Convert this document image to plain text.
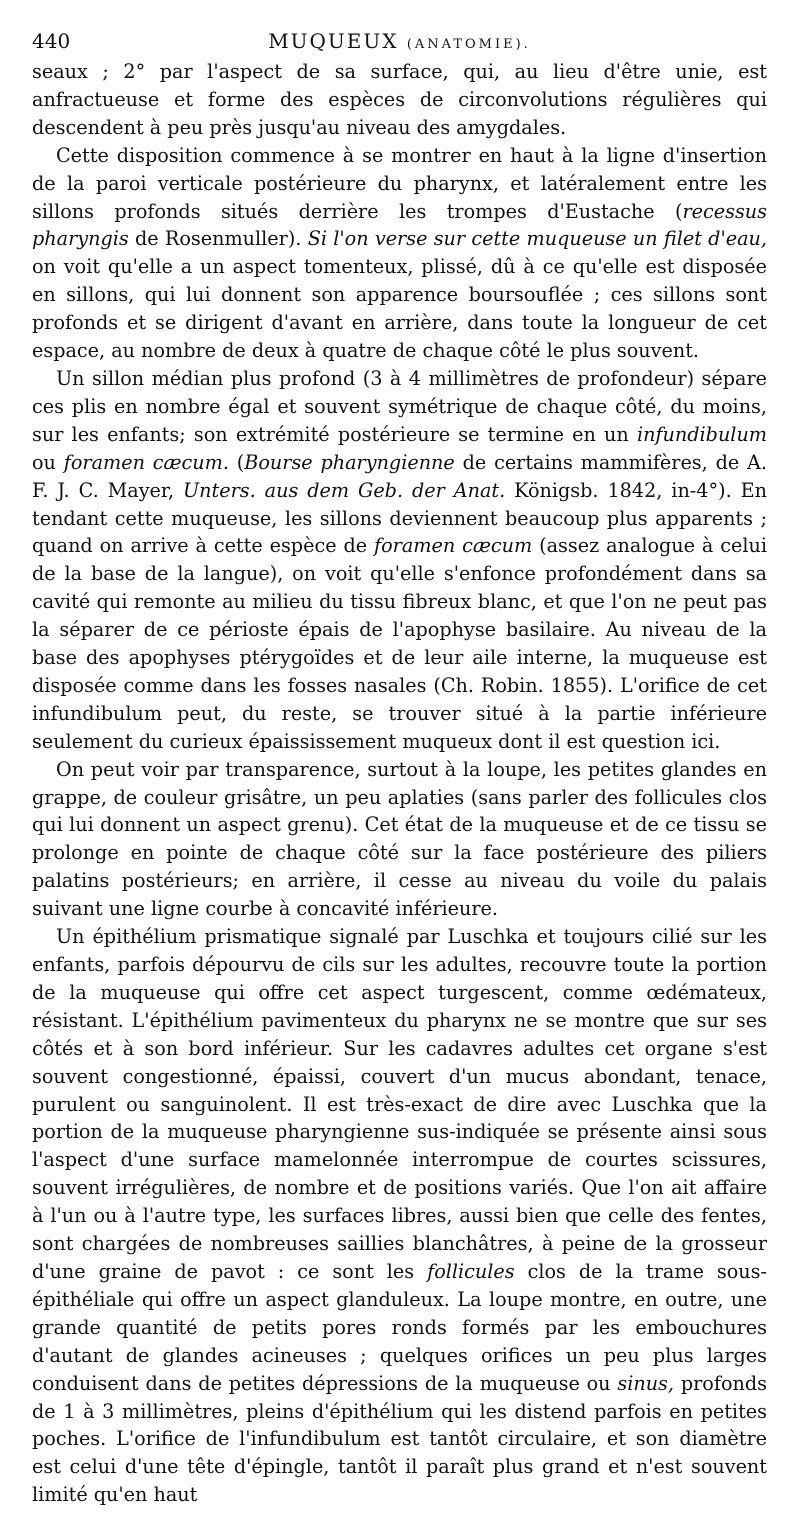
440	MUQUEUX (ANATOMIE).

seaux ; 2° par l'aspect de sa surface, qui, au lieu d'être unie, est anfractueuse et forme des espèces de circonvolutions régulières qui descendent à peu près jusqu'au niveau des amygdales.

Cette disposition commence à se montrer en haut à la ligne d'insertion de la paroi verticale postérieure du pharynx, et latéralement entre les sillons profonds situés derrière les trompes d'Eustache (recessus pharyngis de Rosenmuller). Si l'on verse sur cette muqueuse un filet d'eau, on voit qu'elle a un aspect tomenteux, plissé, dû à ce qu'elle est disposée en sillons, qui lui donnent son apparence boursouflée ; ces sillons sont profonds et se dirigent d'avant en arrière, dans toute la longueur de cet espace, au nombre de deux à quatre de chaque côté le plus souvent.

Un sillon médian plus profond (3 à 4 millimètres de profondeur) sépare ces plis en nombre égal et souvent symétrique de chaque côté, du moins, sur les enfants; son extrémité postérieure se termine en un infundibulum ou foramen cæcum. (Bourse pharyngienne de certains mammifères, de A. F. J. C. Mayer, Unters. aus dem Geb. der Anat. Königsb. 1842, in-4°). En tendant cette muqueuse, les sillons deviennent beaucoup plus apparents ; quand on arrive à cette espèce de foramen cæcum (assez analogue à celui de la base de la langue), on voit qu'elle s'enfonce profondément dans sa cavité qui remonte au milieu du tissu fibreux blanc, et que l'on ne peut pas la séparer de ce périoste épais de l'apophyse basilaire. Au niveau de la base des apophyses ptérygoïdes et de leur aile interne, la muqueuse est disposée comme dans les fosses nasales (Ch. Robin. 1855). L'orifice de cet infundibulum peut, du reste, se trouver situé à la partie inférieure seulement du curieux épaississement muqueux dont il est question ici.

On peut voir par transparence, surtout à la loupe, les petites glandes en grappe, de couleur grisâtre, un peu aplaties (sans parler des follicules clos qui lui donnent un aspect grenu). Cet état de la muqueuse et de ce tissu se prolonge en pointe de chaque côté sur la face postérieure des piliers palatins postérieurs; en arrière, il cesse au niveau du voile du palais suivant une ligne courbe à concavité inférieure.

Un épithélium prismatique signalé par Luschka et toujours cilié sur les enfants, parfois dépourvu de cils sur les adultes, recouvre toute la portion de la muqueuse qui offre cet aspect turgescent, comme œdémateux, résistant. L'épithélium pavimenteux du pharynx ne se montre que sur ses côtés et à son bord inférieur. Sur les cadavres adultes cet organe s'est souvent congestionné, épaissi, couvert d'un mucus abondant, tenace, purulent ou sanguinolent. Il est très-exact de dire avec Luschka que la portion de la muqueuse pharyngienne sus-indiquée se présente ainsi sous l'aspect d'une surface mamelonnée interrompue de courtes scissures, souvent irrégulières, de nombre et de positions variés. Que l'on ait affaire à l'un ou à l'autre type, les surfaces libres, aussi bien que celle des fentes, sont chargées de nombreuses saillies blanchâtres, à peine de la grosseur d'une graine de pavot : ce sont les follicules clos de la trame sous-épithéliale qui offre un aspect glanduleux. La loupe montre, en outre, une grande quantité de petits pores ronds formés par les embouchures d'autant de glandes acineuses ; quelques orifices un peu plus larges conduisent dans de petites dépressions de la muqueuse ou sinus, profonds de 1 à 3 millimètres, pleins d'épithélium qui les distend parfois en petites poches. L'orifice de l'infundibulum est tantôt circulaire, et son diamètre est celui d'une tête d'épingle, tantôt il paraît plus grand et n'est souvent limité qu'en haut
